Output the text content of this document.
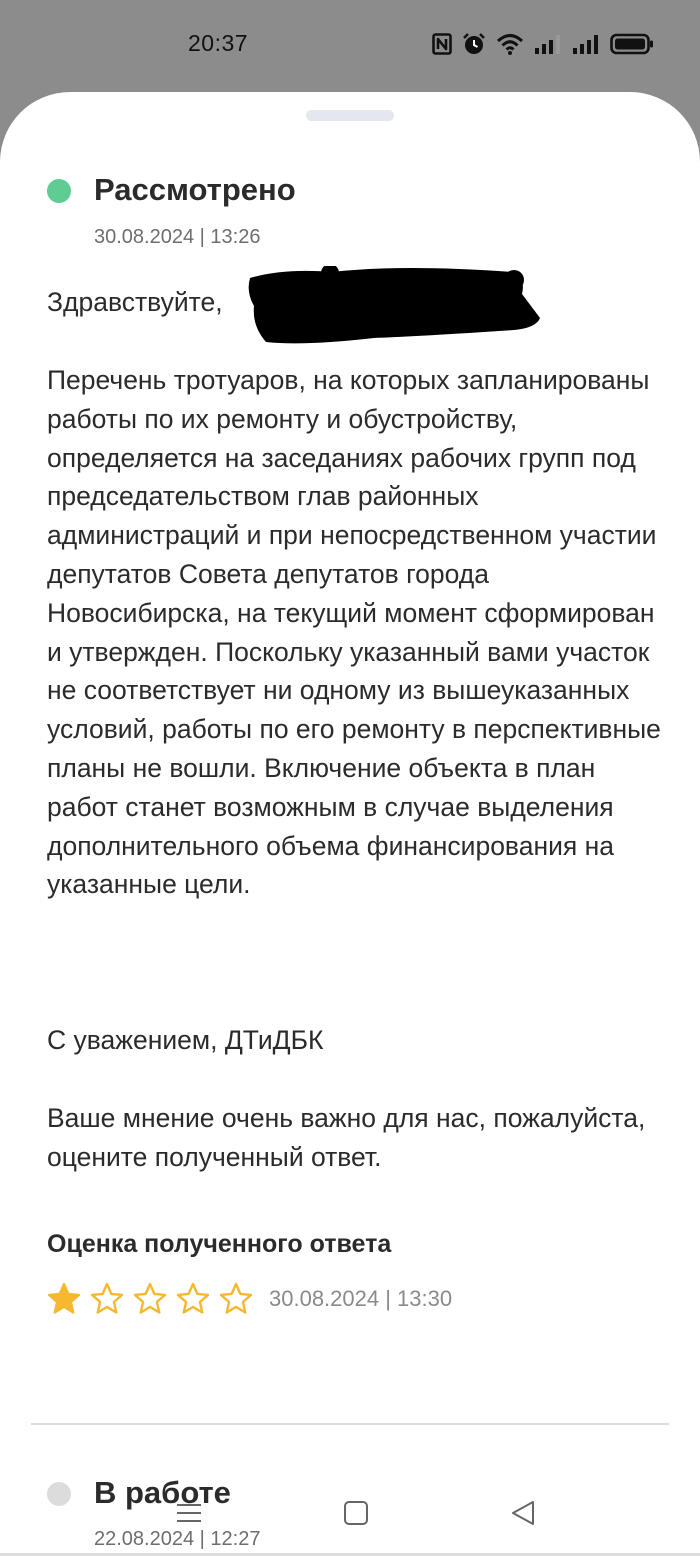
20:37
Рассмотрено
30.08.2024 | 13:26
Здравствуйте,
Перечень тротуаров, на которых запланированы работы по их ремонту и обустройству, определяется на заседаниях рабочих групп под председательством глав районных администраций и при непосредственном участии депутатов Совета депутатов города Новосибирска, на текущий момент сформирован и утвержден. Поскольку указанный вами участок не соответствует ни одному из вышеуказанных условий, работы по его ремонту в перспективные планы не вошли. Включение объекта в план работ станет возможным в случае выделения дополнительного объема финансирования на указанные цели.
С уважением, ДТиДБК
Ваше мнение очень важно для нас, пожалуйста, оцените полученный ответ.
Оценка полученного ответа
30.08.2024 | 13:30
В работе
22.08.2024 | 12:27
